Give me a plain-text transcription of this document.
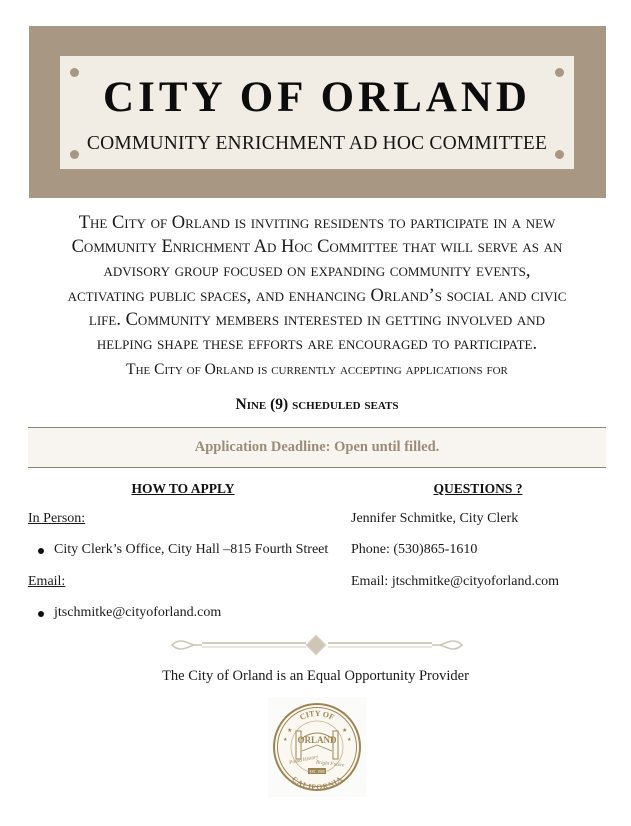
CITY OF ORLAND
COMMUNITY ENRICHMENT AD HOC COMMITTEE
The City of Orland is inviting residents to participate in a new
Community Enrichment Ad Hoc Committee that will serve as an
advisory group focused on expanding community events,
activating public spaces, and enhancing Orland’s social and civic
life. Community members interested in getting involved and
helping shape these efforts are encouraged to participate.
The City of Orland is currently accepting applications for
Nine (9) scheduled seats
Application Deadline: Open until filled.
HOW TO APPLY	QUESTIONS ?
In Person:
City Clerk’s Office, City Hall –815 Fourth Street
Email:
jtschmitke@cityoforland.com
Jennifer Schmitke, City Clerk
Phone: (530)865-1610
Email: jtschmitke@cityoforland.com
The City of Orland is an Equal Opportunity Provider
CITY OF
CALIFORNIA
★	★
★	★
ORLAND
Proud History
Bright Future
EST. 1909
